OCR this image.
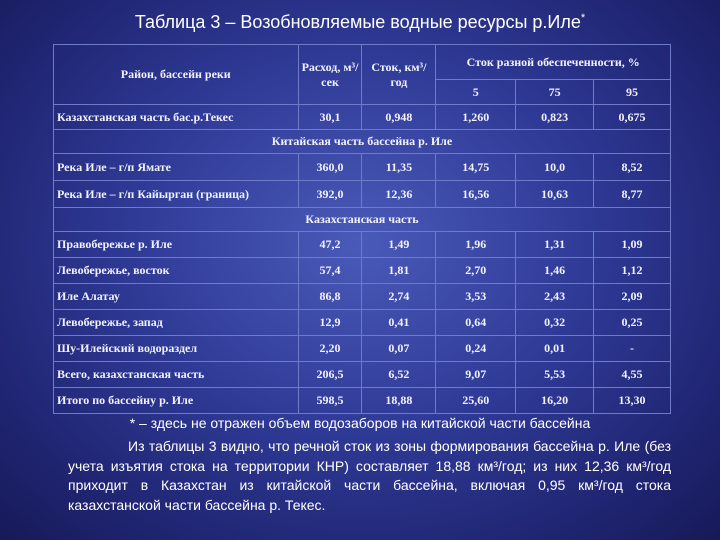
Таблица 3 – Возобновляемые водные ресурсы р.Иле*
Район, бассейн реки	Расход, м³/сек	Сток, км³/год	Сток разной обеспеченности, %		
			5	75	95
Казахстанская часть бас.р.Текес	30,1	0,948	1,260	0,823	0,675
Китайская часть бассейна р. Иле					
Река Иле – г/п Ямате	360,0	11,35	14,75	10,0	8,52
Река Иле – г/п Кайырган (граница)	392,0	12,36	16,56	10,63	8,77
Казахстанская часть					
Правобережье р. Иле	47,2	1,49	1,96	1,31	1,09
Левобережье, восток	57,4	1,81	2,70	1,46	1,12
Иле Алатау	86,8	2,74	3,53	2,43	2,09
Левобережье, запад	12,9	0,41	0,64	0,32	0,25
Шу-Илейский водораздел	2,20	0,07	0,24	0,01	-
Всего, казахстанская часть	206,5	6,52	9,07	5,53	4,55
Итого по бассейну р. Иле	598,5	18,88	25,60	16,20	13,30
* – здесь не отражен объем водозаборов на китайской части бассейна

Из таблицы 3 видно, что речной сток из зоны формирования бассейна р. Иле (без учета изъятия стока на территории КНР) составляет 18,88 км³/год; из них 12,36 км³/год приходит в Казахстан из китайской части бассейна, включая 0,95 км³/год стока казахстанской части бассейна р. Текес.
